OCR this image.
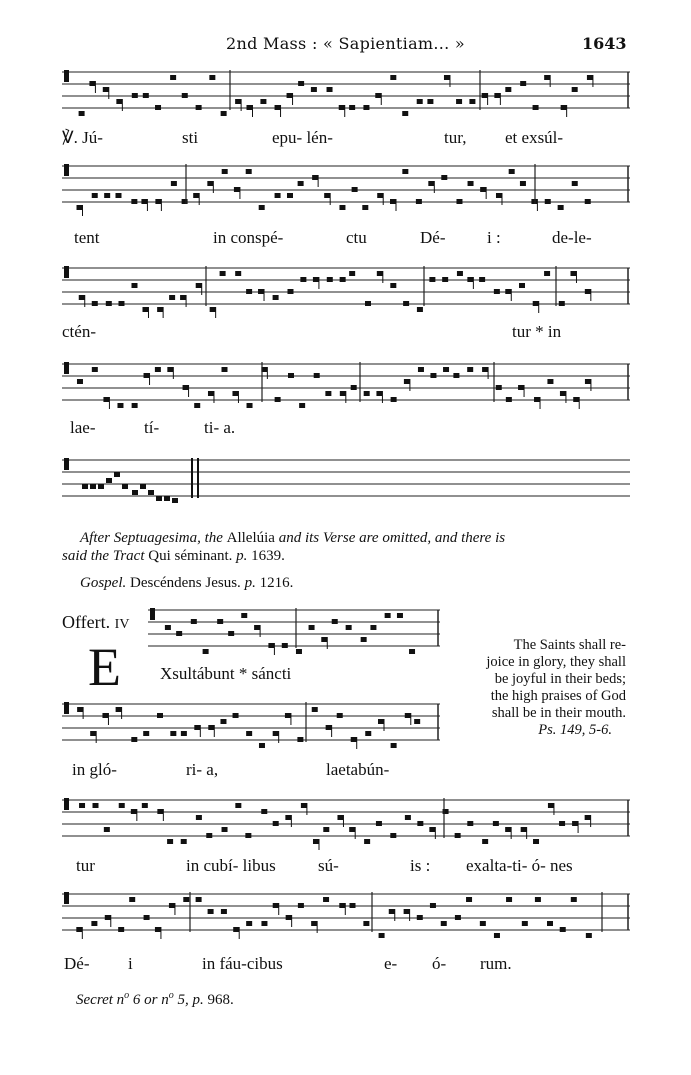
2nd Mass : « Sapientiam... »	1643
℣. Jú-	sti	epu- lén-	tur, et exsúl-
tent	in conspé-	ctu	Dé- i :	de-le-
ctén-	tur * in
lae-	tí-	ti- a.
After Septuagesima, the Allelúia and its Verse are omitted, and there is
said the Tract Qui séminant. p. 1639.
Gospel. Descéndens Jesus. p. 1216.
Offert. IV
E Xsultábunt * sáncti
The Saints shall re-
joice in glory, they shall
be joyful in their beds;
the high praises of God
shall be in their mouth.
Ps. 149, 5-6.
in gló-	ri- a,	laetabún-
tur	in cubí- libus sú-	is : exalta-ti- ó- nes
Dé- i	in fáu-cibus	e- ó- rum.
Secret $n^o$ 6 or $n^o$ 5, p. 968.
